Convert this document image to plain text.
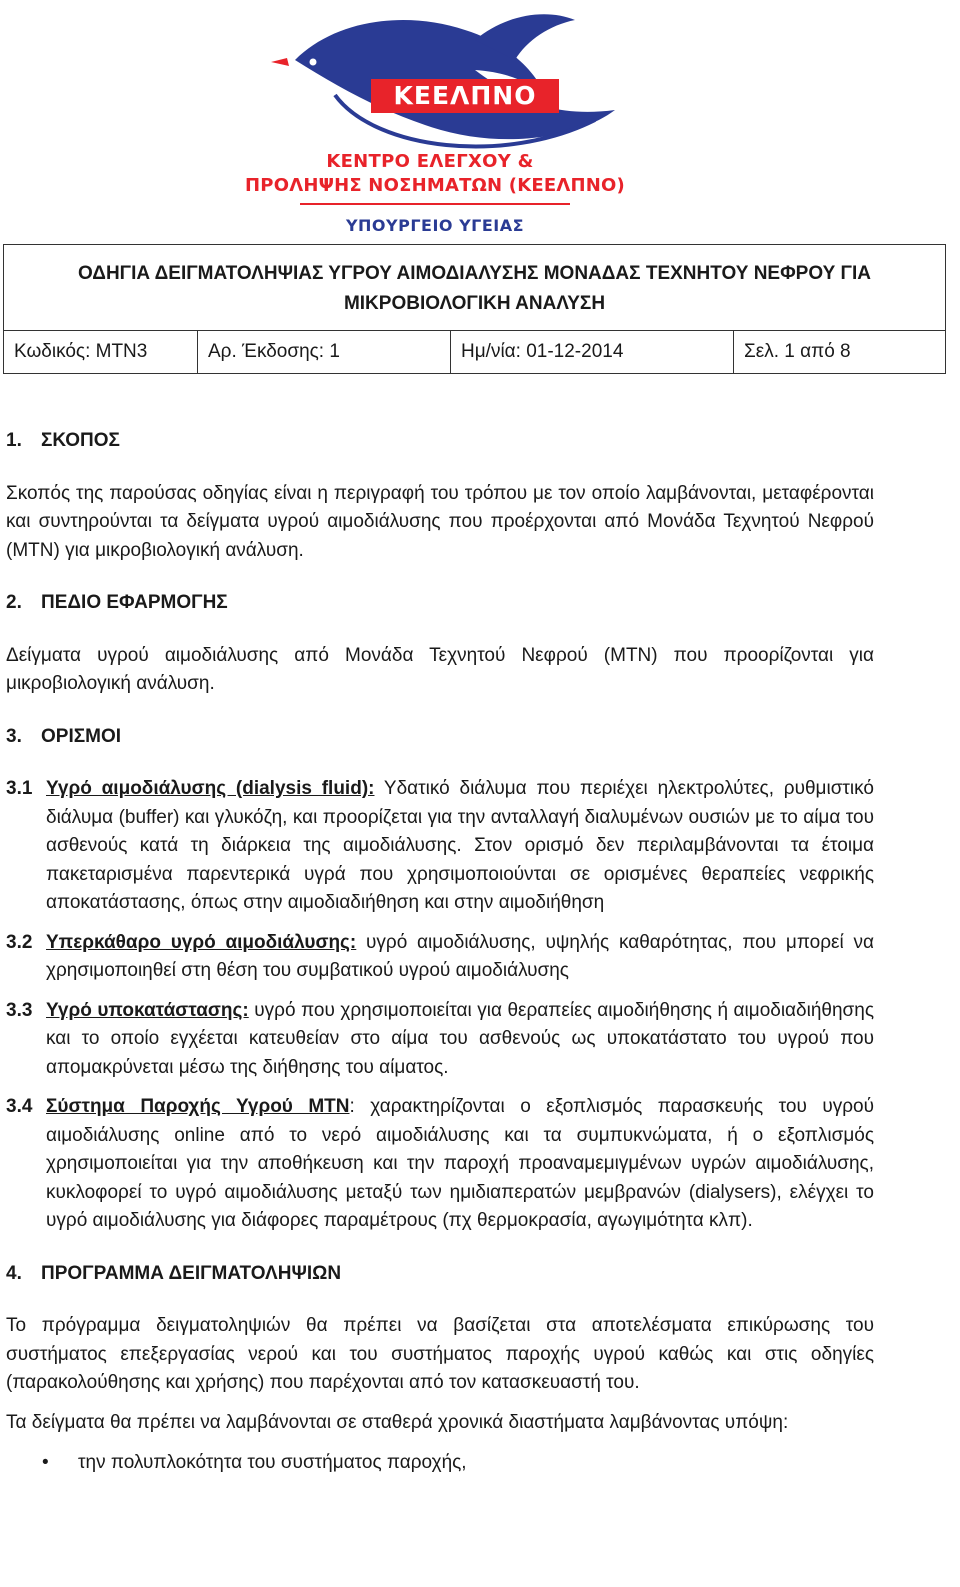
ΚΕΕΛΠΝΟ
ΚΕΝΤΡΟ ΕΛΕΓΧΟΥ &
ΠΡΟΛΗΨΗΣ ΝΟΣΗΜΑΤΩΝ (ΚΕΕΛΠΝΟ)
ΥΠΟΥΡΓΕΙΟ ΥΓΕΙΑΣ
ΟΔΗΓΙΑ ΔΕΙΓΜΑΤΟΛΗΨΙΑΣ ΥΓΡΟΥ ΑΙΜΟΔΙΑΛΥΣΗΣ ΜΟΝΑΔΑΣ ΤΕΧΝΗΤΟΥ ΝΕΦΡΟΥ ΓΙΑ
ΜΙΚΡΟΒΙΟΛΟΓΙΚΗ ΑΝΑΛΥΣΗ

Κωδικός: ΜΤΝ3	Αρ. Έκδοσης: 1	Ημ/νία: 01-12-2014	Σελ. 1 από 8

1. ΣΚΟΠΟΣ

Σκοπός της παρούσας οδηγίας είναι η περιγραφή του τρόπου με τον οποίο λαμβάνονται, μεταφέρονται και συντηρούνται τα δείγματα υγρού αιμοδιάλυσης που προέρχονται από Μονάδα Τεχνητού Νεφρού (ΜΤΝ) για μικροβιολογική ανάλυση.

2. ΠΕΔΙΟ ΕΦΑΡΜΟΓΗΣ

Δείγματα υγρού αιμοδιάλυσης από Μονάδα Τεχνητού Νεφρού (ΜΤΝ) που προορίζονται για μικροβιολογική ανάλυση.

3. ΟΡΙΣΜΟΙ

3.1 Υγρό αιμοδιάλυσης (dialysis fluid): Υδατικό διάλυμα που περιέχει ηλεκτρολύτες, ρυθμιστικό διάλυμα (buffer) και γλυκόζη, και προορίζεται για την ανταλλαγή διαλυμένων ουσιών με το αίμα του ασθενούς κατά τη διάρκεια της αιμοδιάλυσης. Στον ορισμό δεν περιλαμβάνονται τα έτοιμα πακεταρισμένα παρεντερικά υγρά που χρησιμοποιούνται σε ορισμένες θεραπείες νεφρικής αποκατάστασης, όπως στην αιμοδιαδιήθηση και στην αιμοδιήθηση
3.2 Υπερκάθαρο υγρό αιμοδιάλυσης: υγρό αιμοδιάλυσης, υψηλής καθαρότητας, που μπορεί να χρησιμοποιηθεί στη θέση του συμβατικού υγρού αιμοδιάλυσης
3.3 Υγρό υποκατάστασης: υγρό που χρησιμοποιείται για θεραπείες αιμοδιήθησης ή αιμοδιαδιήθησης και το οποίο εγχέεται κατευθείαν στο αίμα του ασθενούς ως υποκατάστατο του υγρού που απομακρύνεται μέσω της διήθησης του αίματος.
3.4 Σύστημα Παροχής Υγρού ΜΤΝ: χαρακτηρίζονται ο εξοπλισμός παρασκευής του υγρού αιμοδιάλυσης online από το νερό αιμοδιάλυσης και τα συμπυκνώματα, ή ο εξοπλισμός χρησιμοποιείται για την αποθήκευση και την παροχή προαναμεμιγμένων υγρών αιμοδιάλυσης, κυκλοφορεί το υγρό αιμοδιάλυσης μεταξύ των ημιδιαπερατών μεμβρανών (dialysers), ελέγχει το υγρό αιμοδιάλυσης για διάφορες παραμέτρους (πχ θερμοκρασία, αγωγιμότητα κλπ).

4. ΠΡΟΓΡΑΜΜΑ ΔΕΙΓΜΑΤΟΛΗΨΙΩΝ

Το πρόγραμμα δειγματοληψιών θα πρέπει να βασίζεται στα αποτελέσματα επικύρωσης του συστήματος επεξεργασίας νερού και του συστήματος παροχής υγρού καθώς και στις οδηγίες (παρακολούθησης και χρήσης) που παρέχονται από τον κατασκευαστή του.

Τα δείγματα θα πρέπει να λαμβάνονται σε σταθερά χρονικά διαστήματα λαμβάνοντας υπόψη:

•	την πολυπλοκότητα του συστήματος παροχής,
